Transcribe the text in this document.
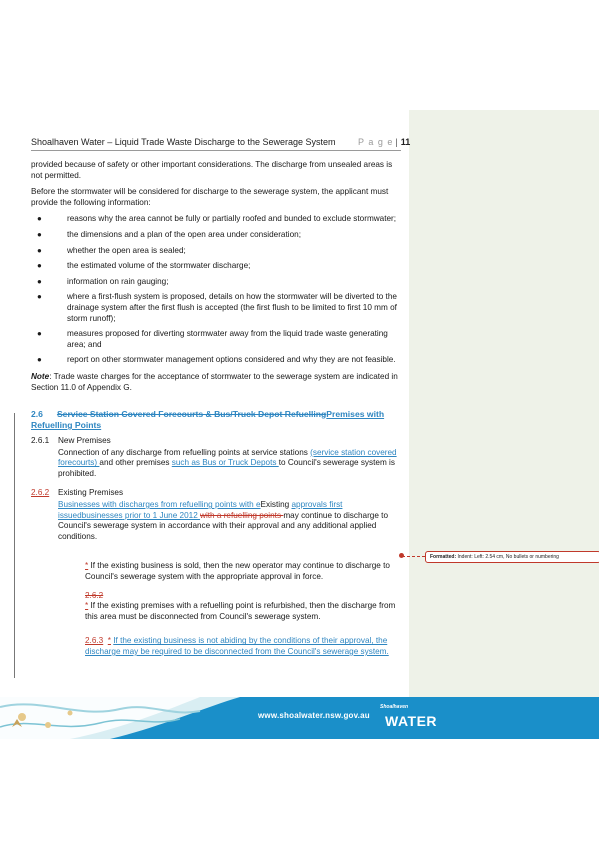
Shoalhaven Water – Liquid Trade Waste Discharge to the Sewerage System	P a g e | 11

provided because of safety or other important considerations. The discharge from unsealed areas is not permitted.

Before the stormwater will be considered for discharge to the sewerage system, the applicant must provide the following information:

●	reasons why the area cannot be fully or partially roofed and bunded to exclude stormwater;
●	the dimensions and a plan of the open area under consideration;
●	whether the open area is sealed;
●	the estimated volume of the stormwater discharge;
●	information on rain gauging;
●	where a first-flush system is proposed, details on how the stormwater will be diverted to the drainage system after the first flush is accepted (the first flush to be limited to first 10 mm of storm runoff);
●	measures proposed for diverting stormwater away from the liquid trade waste generating area; and
●	report on other stormwater management options considered and why they are not feasible.

Note: Trade waste charges for the acceptance of stormwater to the sewerage system are indicated in Section 11.0 of Appendix G.

2.6 Service Station Covered Forecourts & Bus/Truck Depot RefuellingPremises with Refuelling Points
2.6.1 New Premises
Connection of any discharge from refuelling points at service stations (service station covered forecourts) and other premises such as Bus or Truck Depots to Council's sewerage system is prohibited.
2.6.2 Existing Premises
Businesses with discharges from refuelling points with eExisting approvals first issuedbusinesses prior to 1 June 2012 with a refuelling points may continue to discharge to Council's sewerage system in accordance with their approval and any additional applied conditions.
* If the existing business is sold, then the new operator may continue to discharge to Council's sewerage system with the appropriate approval in force.
2.6.2
* If the existing premises with a refuelling point is refurbished, then the discharge from this area must be disconnected from Council's sewerage system.
2.6.3 * If the existing business is not abiding by the conditions of their approval, the discharge may be required to be disconnected from the Council's sewerage system.
Formatted: Indent: Left: 2.54 cm, No bullets or numbering
www.shoalwater.nsw.gov.au
Shoalhaven
WATER
